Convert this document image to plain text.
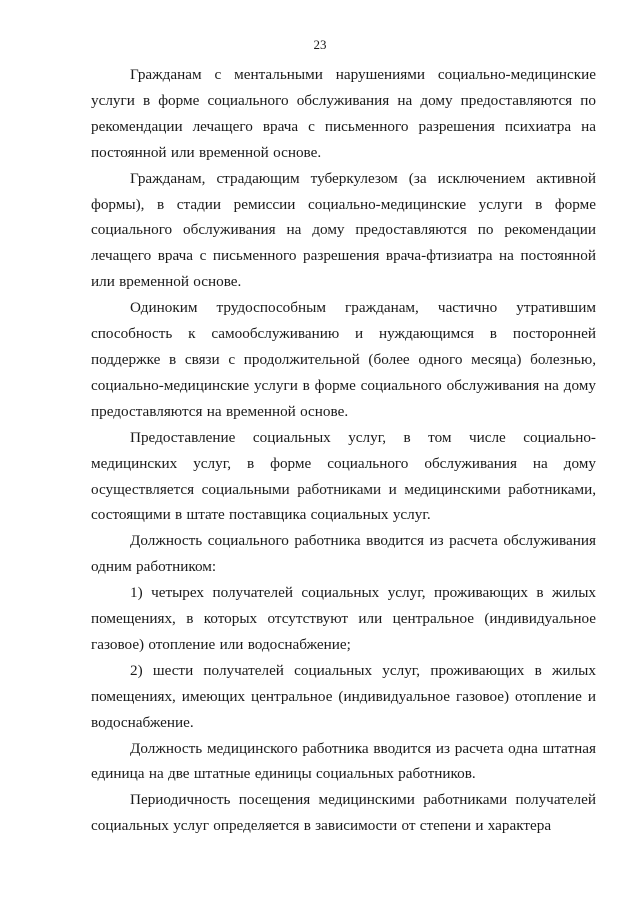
23

Гражданам с ментальными нарушениями социально-медицинские услуги в форме социального обслуживания на дому предоставляются по рекомендации лечащего врача с письменного разрешения психиатра на постоянной или временной основе.

Гражданам, страдающим туберкулезом (за исключением активной формы), в стадии ремиссии социально-медицинские услуги в форме социального обслуживания на дому предоставляются по рекомендации лечащего врача с письменного разрешения врача-фтизиатра на постоянной или временной основе.

Одиноким трудоспособным гражданам, частично утратившим способность к самообслуживанию и нуждающимся в посторонней поддержке в связи с продолжительной (более одного месяца) болезнью, социально-медицинские услуги в форме социального обслуживания на дому предоставляются на временной основе.

Предоставление социальных услуг, в том числе социально-медицинских услуг, в форме социального обслуживания на дому осуществляется социальными работниками и медицинскими работниками, состоящими в штате поставщика социальных услуг.

Должность социального работника вводится из расчета обслуживания одним работником:

1) четырех получателей социальных услуг, проживающих в жилых помещениях, в которых отсутствуют или центральное (индивидуальное газовое) отопление или водоснабжение;

2) шести получателей социальных услуг, проживающих в жилых помещениях, имеющих центральное (индивидуальное газовое) отопление и водоснабжение.

Должность медицинского работника вводится из расчета одна штатная единица на две штатные единицы социальных работников.

Периодичность посещения медицинскими работниками получателей социальных услуг определяется в зависимости от степени и характера
